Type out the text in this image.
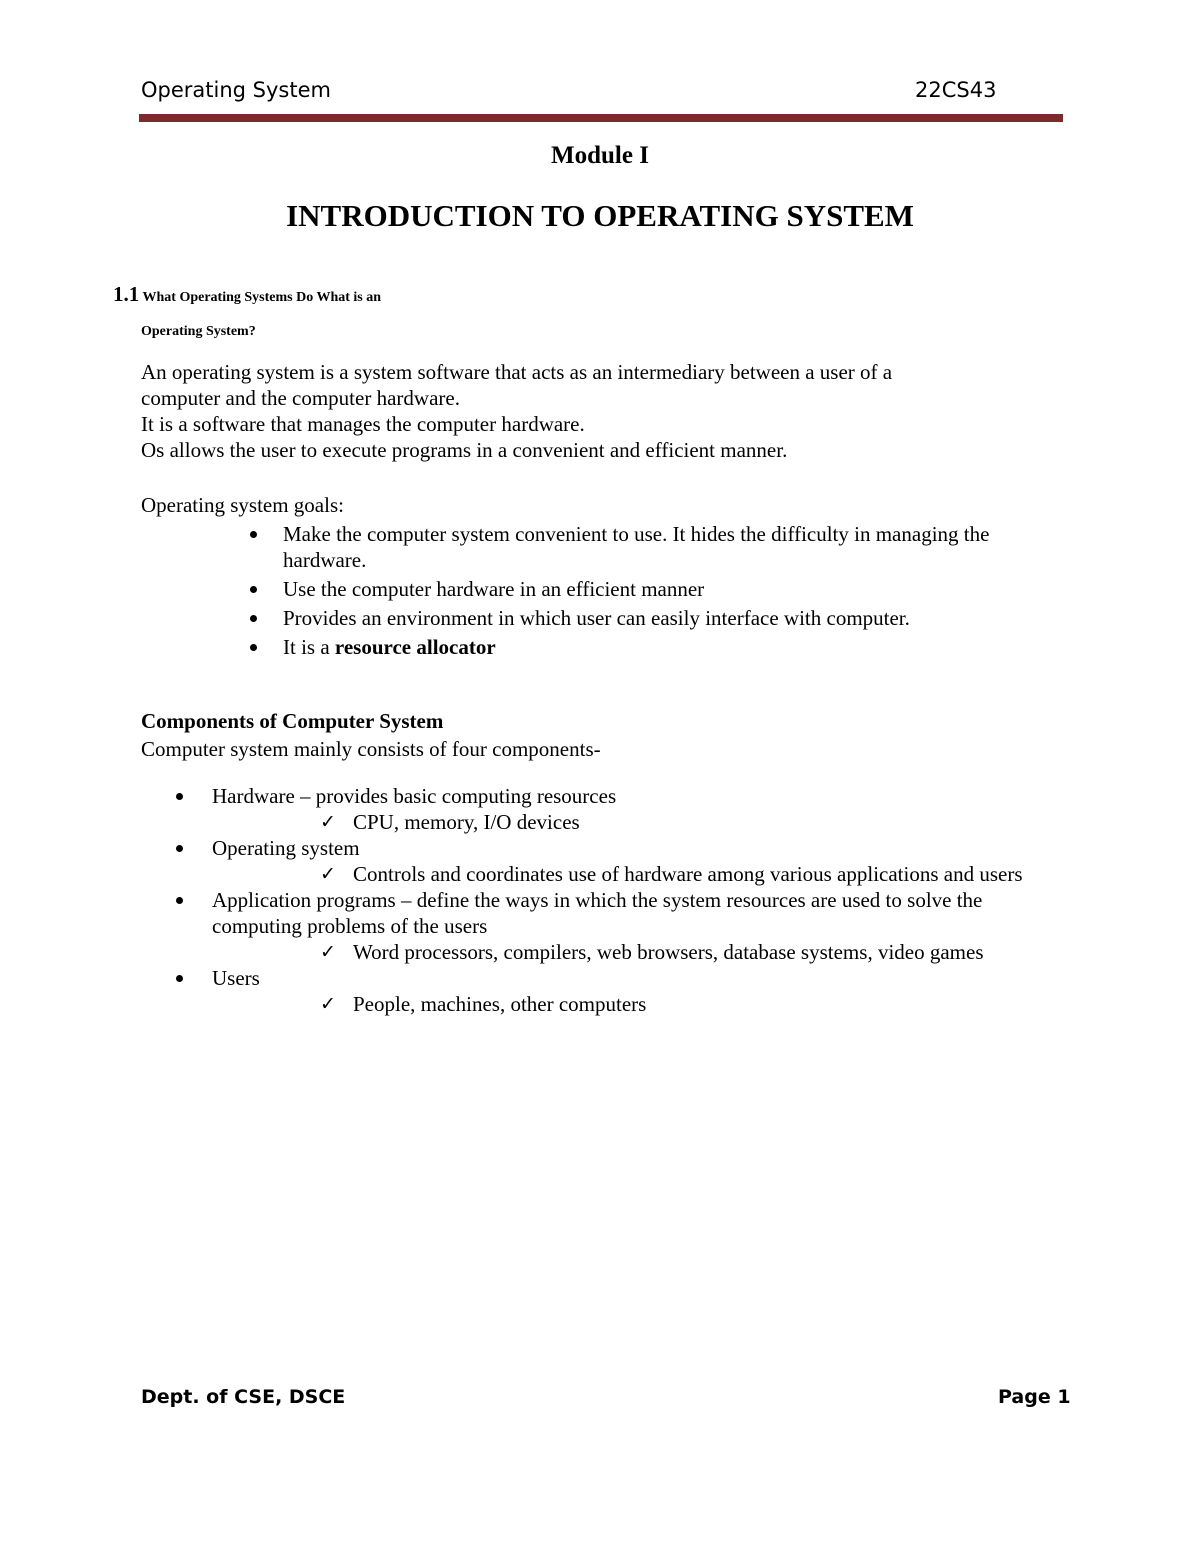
Operating System	22CS43
Module I
INTRODUCTION TO OPERATING SYSTEM
1.1 What Operating Systems Do What is an
Operating System?
An operating system is a system software that acts as an intermediary between a user of a
computer and the computer hardware.
It is a software that manages the computer hardware.
Os allows the user to execute programs in a convenient and efficient manner.
Operating system goals:
Make the computer system convenient to use. It hides the difficulty in managing the hardware.
Use the computer hardware in an efficient manner
Provides an environment in which user can easily interface with computer.
It is a resource allocator
Components of Computer System
Computer system mainly consists of four components-
Hardware – provides basic computing resources
✓ CPU, memory, I/O devices
Operating system
✓ Controls and coordinates use of hardware among various applications and users
Application programs – define the ways in which the system resources are used to solve the computing problems of the users
✓ Word processors, compilers, web browsers, database systems, video games
Users
✓ People, machines, other computers
Dept. of CSE, DSCE	Page 1
